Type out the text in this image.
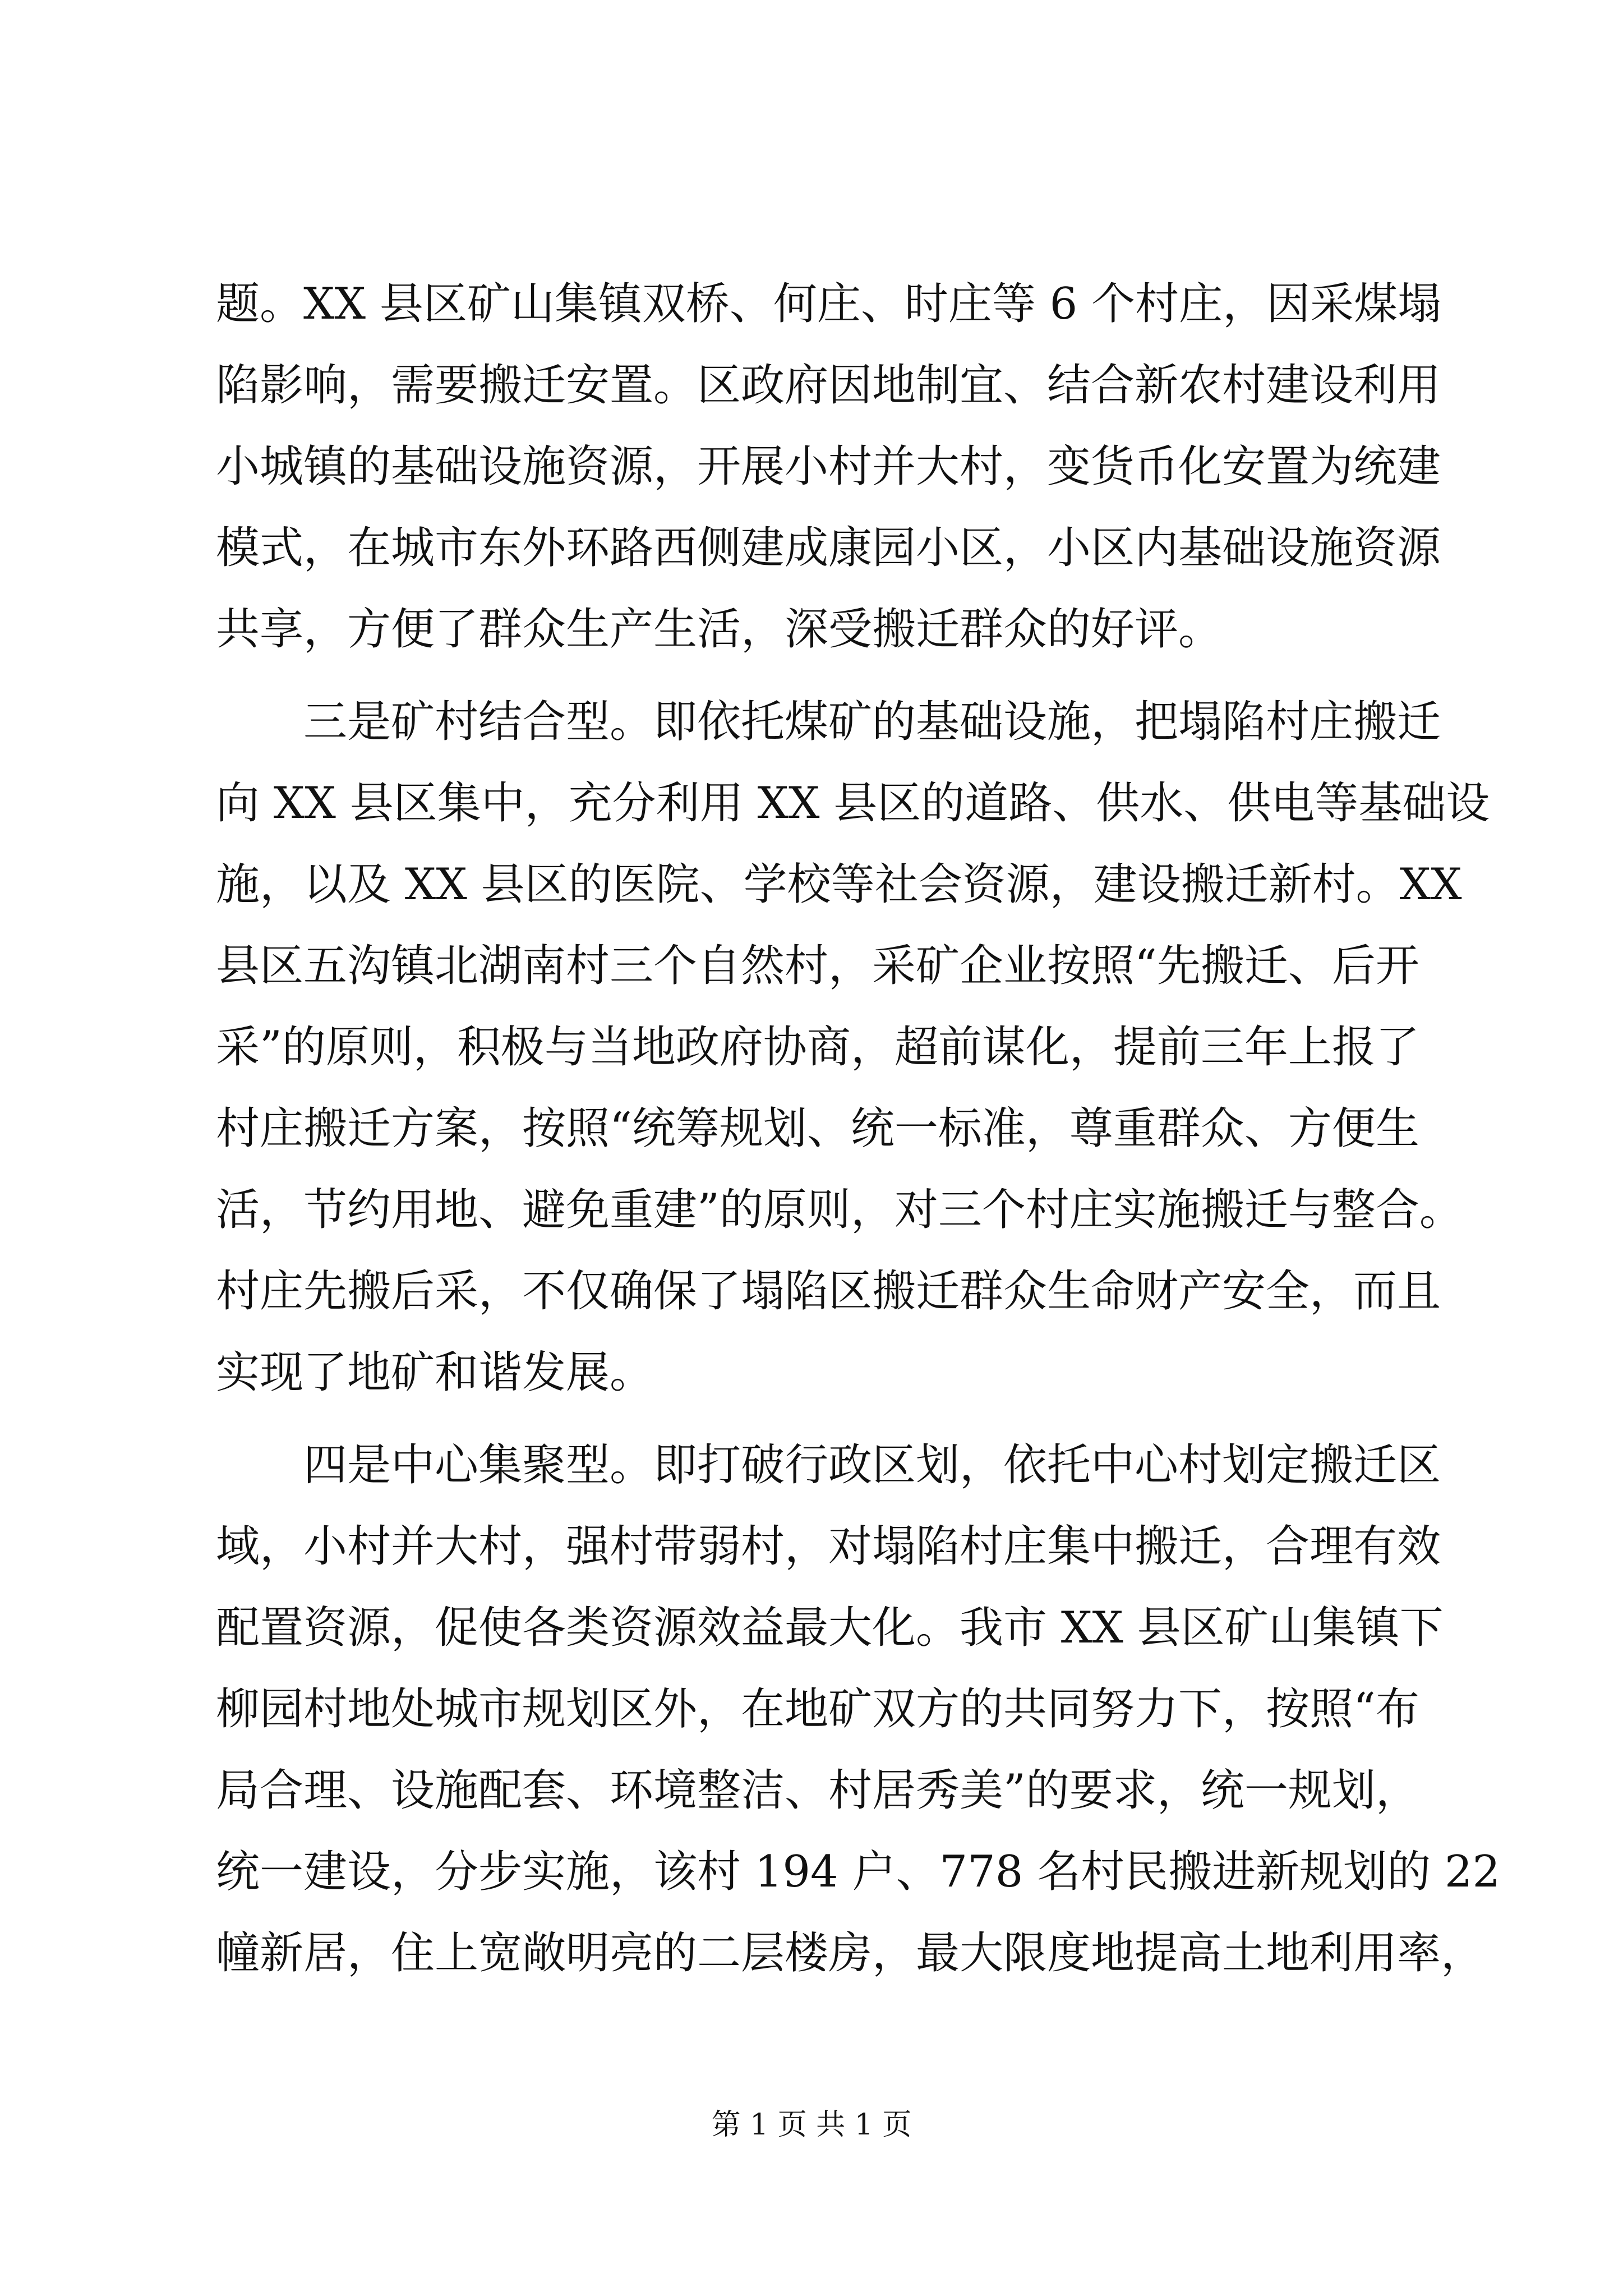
题。XX 县区矿山集镇双桥、何庄、时庄等 6 个村庄，因采煤塌
陷影响，需要搬迁安置。区政府因地制宜、结合新农村建设利用
小城镇的基础设施资源，开展小村并大村，变货币化安置为统建
模式，在城市东外环路西侧建成康园小区，小区内基础设施资源
共享，方便了群众生产生活，深受搬迁群众的好评。
三是矿村结合型。即依托煤矿的基础设施，把塌陷村庄搬迁
向 XX 县区集中，充分利用 XX 县区的道路、供水、供电等基础设
施，以及 XX 县区的医院、学校等社会资源，建设搬迁新村。XX
县区五沟镇北湖南村三个自然村，采矿企业按照“先搬迁、后开
采”的原则，积极与当地政府协商，超前谋化，提前三年上报了
村庄搬迁方案，按照“统筹规划、统一标准，尊重群众、方便生
活，节约用地、避免重建”的原则，对三个村庄实施搬迁与整合。
村庄先搬后采，不仅确保了塌陷区搬迁群众生命财产安全，而且
实现了地矿和谐发展。
四是中心集聚型。即打破行政区划，依托中心村划定搬迁区
域，小村并大村，强村带弱村，对塌陷村庄集中搬迁，合理有效
配置资源，促使各类资源效益最大化。我市 XX 县区矿山集镇下
柳园村地处城市规划区外，在地矿双方的共同努力下，按照“布
局合理、设施配套、环境整洁、村居秀美”的要求，统一规划，
统一建设，分步实施，该村 194 户、778 名村民搬进新规划的 22
幢新居，住上宽敞明亮的二层楼房，最大限度地提高土地利用率，
第 1 页 共 1 页
